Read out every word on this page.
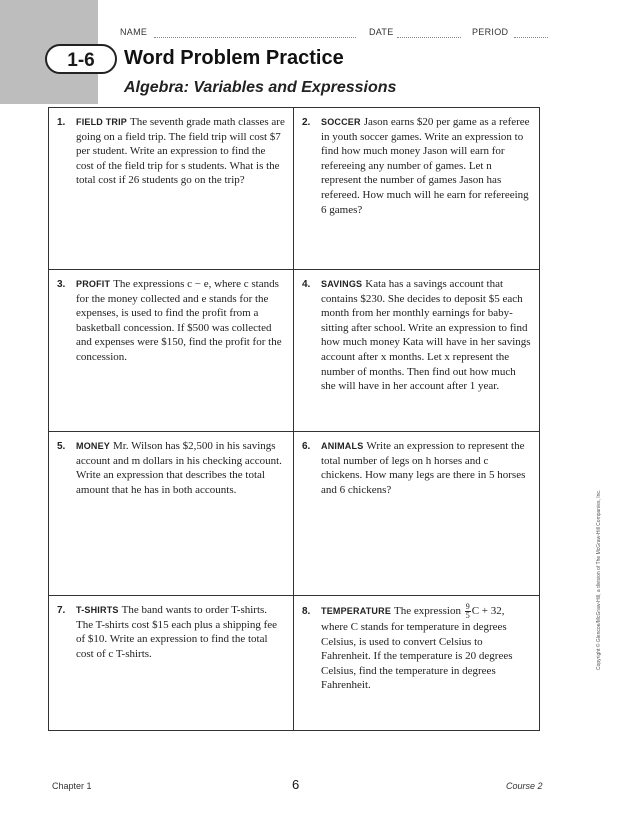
NAME	DATE	PERIOD
1-6	Word Problem Practice
Algebra: Variables and Expressions
1. FIELD TRIP The seventh grade math classes are going on a field trip. The field trip will cost $7 per student. Write an expression to find the cost of the field trip for s students. What is the total cost if 26 students go on the trip?
2. SOCCER Jason earns $20 per game as a referee in youth soccer games. Write an expression to find how much money Jason will earn for refereeing any number of games. Let n represent the number of games Jason has refereed. How much will he earn for refereeing 6 games?
3. PROFIT The expressions c − e, where c stands for the money collected and e stands for the expenses, is used to find the profit from a basketball concession. If $500 was collected and expenses were $150, find the profit for the concession.
4. SAVINGS Kata has a savings account that contains $230. She decides to deposit $5 each month from her monthly earnings for baby-sitting after school. Write an expression to find how much money Kata will have in her savings account after x months. Let x represent the number of months. Then find out how much she will have in her account after 1 year.
5. MONEY Mr. Wilson has $2,500 in his savings account and m dollars in his checking account. Write an expression that describes the total amount that he has in both accounts.
6. ANIMALS Write an expression to represent the total number of legs on h horses and c chickens. How many legs are there in 5 horses and 6 chickens?
7. T-SHIRTS The band wants to order T-shirts. The T-shirts cost $15 each plus a shipping fee of $10. Write an expression to find the total cost of c T-shirts.
8. TEMPERATURE The expression $\frac{9}{5}$ C + 32, where C stands for temperature in degrees Celsius, is used to convert Celsius to Fahrenheit. If the temperature is 20 degrees Celsius, find the temperature in degrees Fahrenheit.
Copyright © Glencoe/McGraw-Hill, a division of The McGraw-Hill Companies, Inc.
Chapter 1	6	Course 2
